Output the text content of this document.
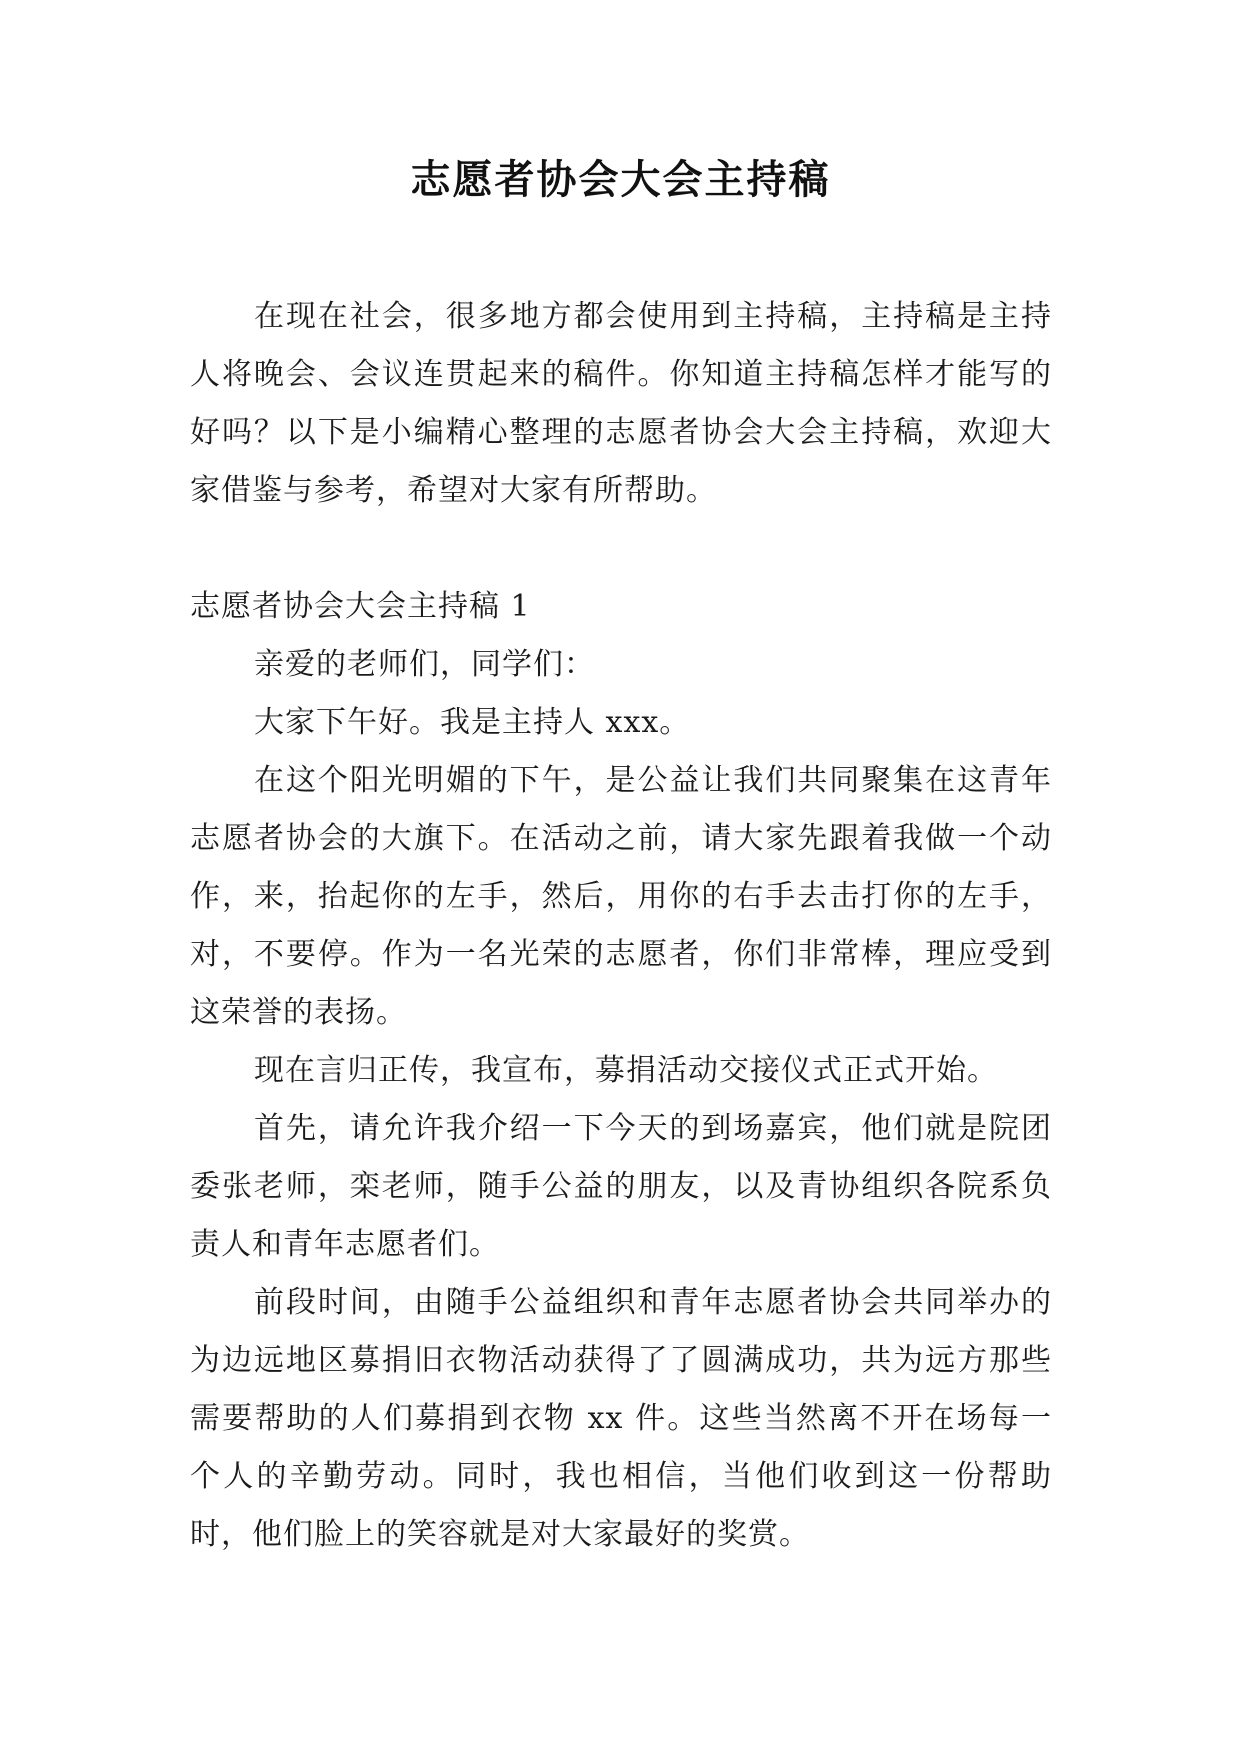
志愿者协会大会主持稿

在现在社会，很多地方都会使用到主持稿，主持稿是主持人将晚会、会议连贯起来的稿件。你知道主持稿怎样才能写的好吗？以下是小编精心整理的志愿者协会大会主持稿，欢迎大家借鉴与参考，希望对大家有所帮助。

志愿者协会大会主持稿 1

亲爱的老师们，同学们：

大家下午好。我是主持人 xxx。

在这个阳光明媚的下午，是公益让我们共同聚集在这青年志愿者协会的大旗下。在活动之前，请大家先跟着我做一个动作，来，抬起你的左手，然后，用你的右手去击打你的左手，对，不要停。作为一名光荣的志愿者，你们非常棒，理应受到这荣誉的表扬。

现在言归正传，我宣布，募捐活动交接仪式正式开始。

首先，请允许我介绍一下今天的到场嘉宾，他们就是院团委张老师，栾老师，随手公益的朋友，以及青协组织各院系负责人和青年志愿者们。

前段时间，由随手公益组织和青年志愿者协会共同举办的为边远地区募捐旧衣物活动获得了了圆满成功，共为远方那些需要帮助的人们募捐到衣物 xx 件。这些当然离不开在场每一个人的辛勤劳动。同时，我也相信，当他们收到这一份帮助时，他们脸上的笑容就是对大家最好的奖赏。
